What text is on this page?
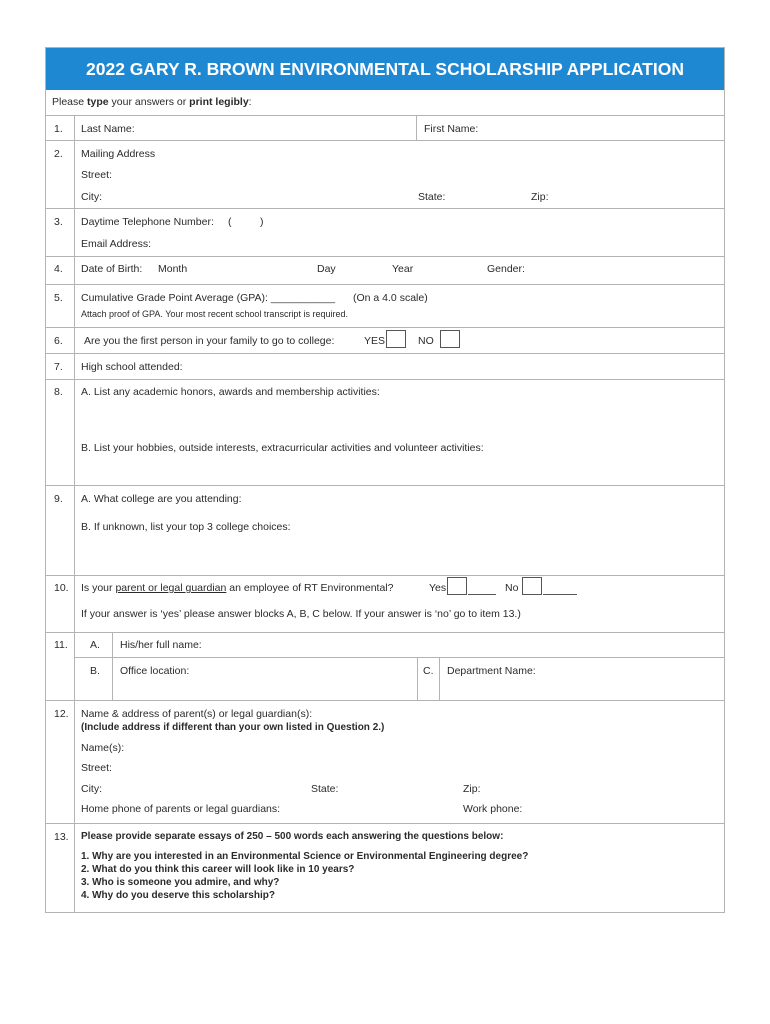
2022 GARY R. BROWN ENVIRONMENTAL SCHOLARSHIP APPLICATION
Please type your answers or print legibly:
1. Last Name:	First Name:
2. Mailing Address
Street:
City:	State:	Zip:
3. Daytime Telephone Number: (	)
Email Address:
4. Date of Birth: Month	Day	Year	Gender:
5. Cumulative Grade Point Average (GPA): ___________ (On a 4.0 scale)
Attach proof of GPA. Your most recent school transcript is required.
6. Are you the first person in your family to go to college:	YES	NO
7. High school attended:
8. A. List any academic honors, awards and membership activities:
B. List your hobbies, outside interests, extracurricular activities and volunteer activities:
9. A. What college are you attending:
B. If unknown, list your top 3 college choices:
10. Is your parent or legal guardian an employee of RT Environmental?	Yes	No
If your answer is ‘yes’ please answer blocks A, B, C below. If your answer is ‘no’ go to item 13.)
11. A. His/her full name:
B. Office location:	C. Department Name:
12. Name & address of parent(s) or legal guardian(s):
(Include address if different than your own listed in Question 2.)
Name(s):
Street:
City:	State:	Zip:
Home phone of parents or legal guardians:	Work phone:
13. Please provide separate essays of 250 – 500 words each answering the questions below:
1. Why are you interested in an Environmental Science or Environmental Engineering degree?
2. What do you think this career will look like in 10 years?
3. Who is someone you admire, and why?
4. Why do you deserve this scholarship?
